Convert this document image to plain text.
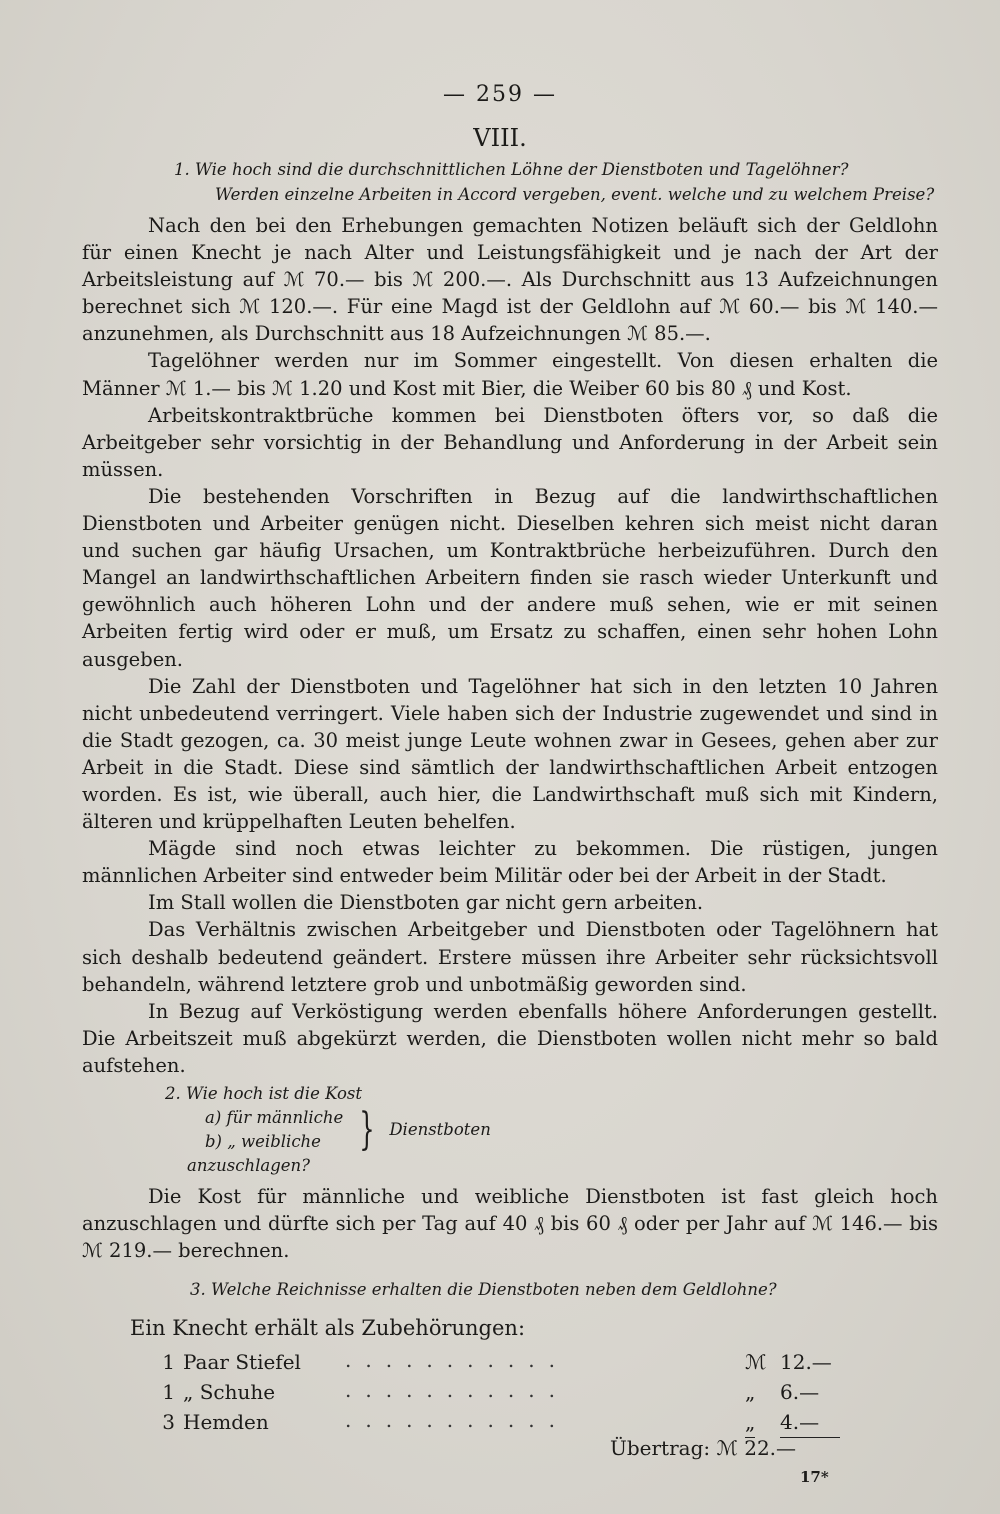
— 259 —
VIII.
1. Wie hoch sind die durchschnittlichen Löhne der Dienstboten und Tagelöhner?
Werden einzelne Arbeiten in Accord vergeben, event. welche und zu welchem Preise?

Nach den bei den Erhebungen gemachten Notizen beläuft sich der Geldlohn für einen Knecht je nach Alter und Leistungsfähigkeit und je nach der Art der Arbeitsleistung auf ℳ 70.— bis ℳ 200.—. Als Durchschnitt aus 13 Aufzeichnungen berechnet sich ℳ 120.—. Für eine Magd ist der Geldlohn auf ℳ 60.— bis ℳ 140.— anzunehmen, als Durchschnitt aus 18 Aufzeichnungen ℳ 85.—.

Tagelöhner werden nur im Sommer eingestellt. Von diesen erhalten die Männer ℳ 1.— bis ℳ 1.20 und Kost mit Bier, die Weiber 60 bis 80 ₰ und Kost.

Arbeitskontraktbrüche kommen bei Dienstboten öfters vor, so daß die Arbeitgeber sehr vorsichtig in der Behandlung und Anforderung in der Arbeit sein müssen.

Die bestehenden Vorschriften in Bezug auf die landwirthschaftlichen Dienstboten und Arbeiter genügen nicht. Dieselben kehren sich meist nicht daran und suchen gar häufig Ursachen, um Kontraktbrüche herbeizuführen. Durch den Mangel an landwirthschaftlichen Arbeitern finden sie rasch wieder Unterkunft und gewöhnlich auch höheren Lohn und der andere muß sehen, wie er mit seinen Arbeiten fertig wird oder er muß, um Ersatz zu schaffen, einen sehr hohen Lohn ausgeben.

Die Zahl der Dienstboten und Tagelöhner hat sich in den letzten 10 Jahren nicht unbedeutend verringert. Viele haben sich der Industrie zugewendet und sind in die Stadt gezogen, ca. 30 meist junge Leute wohnen zwar in Gesees, gehen aber zur Arbeit in die Stadt. Diese sind sämtlich der landwirthschaftlichen Arbeit entzogen worden. Es ist, wie überall, auch hier, die Landwirthschaft muß sich mit Kindern, älteren und krüppelhaften Leuten behelfen.

Mägde sind noch etwas leichter zu bekommen. Die rüstigen, jungen männlichen Arbeiter sind entweder beim Militär oder bei der Arbeit in der Stadt.

Im Stall wollen die Dienstboten gar nicht gern arbeiten.

Das Verhältnis zwischen Arbeitgeber und Dienstboten oder Tagelöhnern hat sich deshalb bedeutend geändert. Erstere müssen ihre Arbeiter sehr rücksichtsvoll behandeln, während letztere grob und unbotmäßig geworden sind.

In Bezug auf Verköstigung werden ebenfalls höhere Anforderungen gestellt. Die Arbeitszeit muß abgekürzt werden, die Dienstboten wollen nicht mehr so bald aufstehen.

2. Wie hoch ist die Kost
a) für männliche
b) „ weibliche } Dienstboten
anzuschlagen?

Die Kost für männliche und weibliche Dienstboten ist fast gleich hoch anzuschlagen und dürfte sich per Tag auf 40 ₰ bis 60 ₰ oder per Jahr auf ℳ 146.— bis ℳ 219.— berechnen.

3. Welche Reichnisse erhalten die Dienstboten neben dem Geldlohne?
Ein Knecht erhält als Zubehörungen:
1 Paar Stiefel ...........	ℳ 12.—
1 „ Schuhe	...........	„ 6.—
3 Hemden	...........	„ 4.—
Übertrag: ℳ 22.—
17*
